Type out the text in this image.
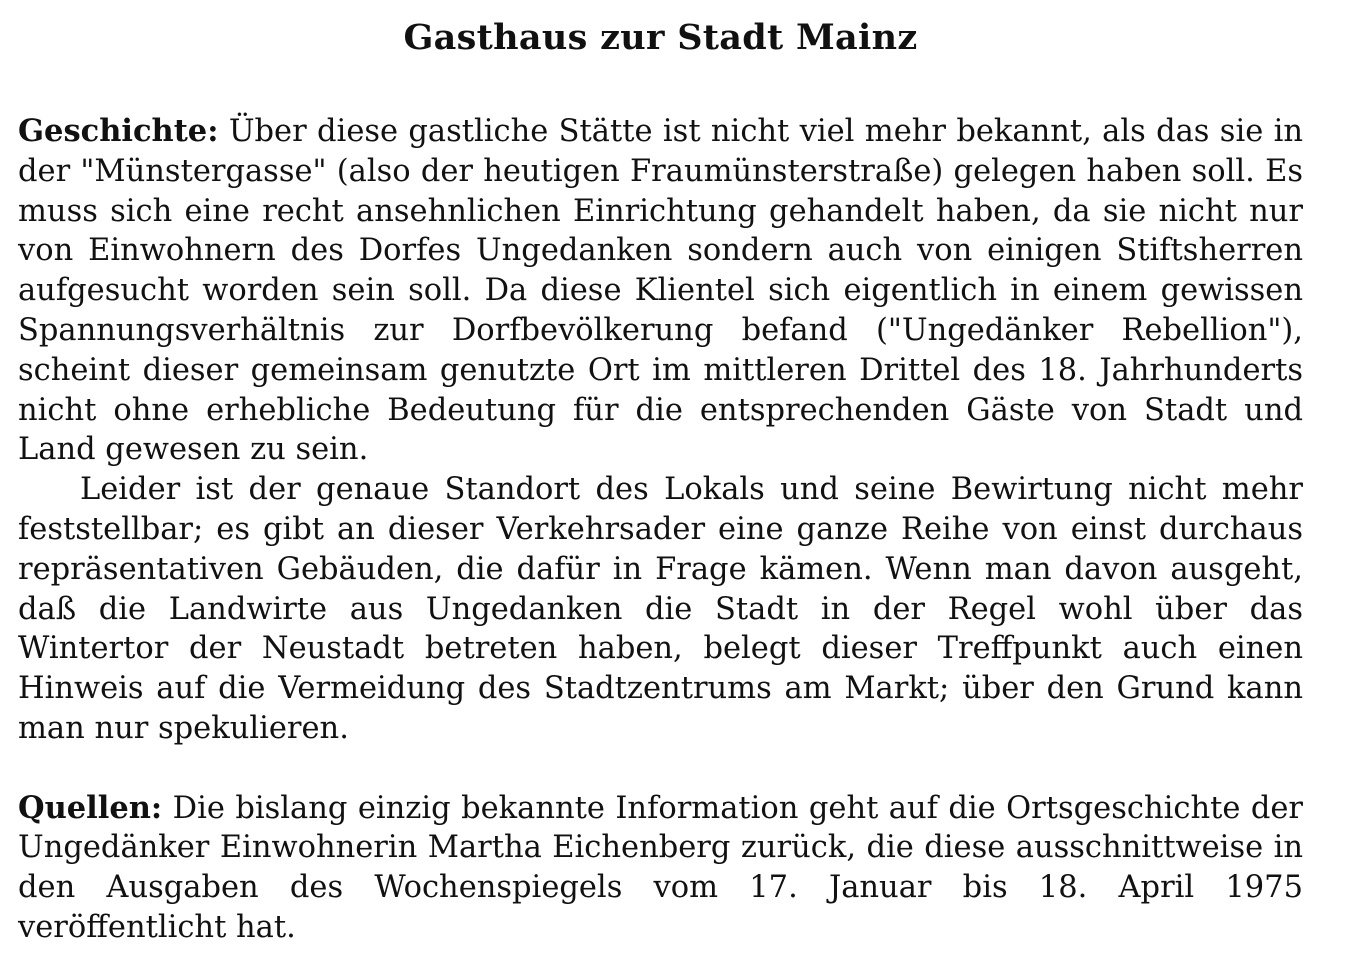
Gasthaus zur Stadt Mainz

Geschichte: Über diese gastliche Stätte ist nicht viel mehr bekannt, als das sie in der "Münstergasse" (also der heutigen Fraumünsterstraße) gelegen haben soll. Es muss sich eine recht ansehnlichen Einrichtung gehandelt haben, da sie nicht nur von Einwohnern des Dorfes Ungedanken sondern auch von einigen Stiftsherren aufgesucht worden sein soll. Da diese Klientel sich eigentlich in einem gewissen Spannungsverhältnis zur Dorfbevölkerung befand ("Ungedänker Rebellion"), scheint dieser gemeinsam genutzte Ort im mittleren Drittel des 18. Jahrhunderts nicht ohne erhebliche Bedeutung für die entsprechenden Gäste von Stadt und Land gewesen zu sein.

Leider ist der genaue Standort des Lokals und seine Bewirtung nicht mehr feststellbar; es gibt an dieser Verkehrsader eine ganze Reihe von einst durchaus repräsentativen Gebäuden, die dafür in Frage kämen. Wenn man davon ausgeht, daß die Landwirte aus Ungedanken die Stadt in der Regel wohl über das Wintertor der Neustadt betreten haben, belegt dieser Treffpunkt auch einen Hinweis auf die Vermeidung des Stadtzentrums am Markt; über den Grund kann man nur spekulieren.

Quellen: Die bislang einzig bekannte Information geht auf die Ortsgeschichte der Ungedänker Einwohnerin Martha Eichenberg zurück, die diese ausschnittweise in den Ausgaben des Wochenspiegels vom 17. Januar bis 18. April 1975 veröffentlicht hat.
